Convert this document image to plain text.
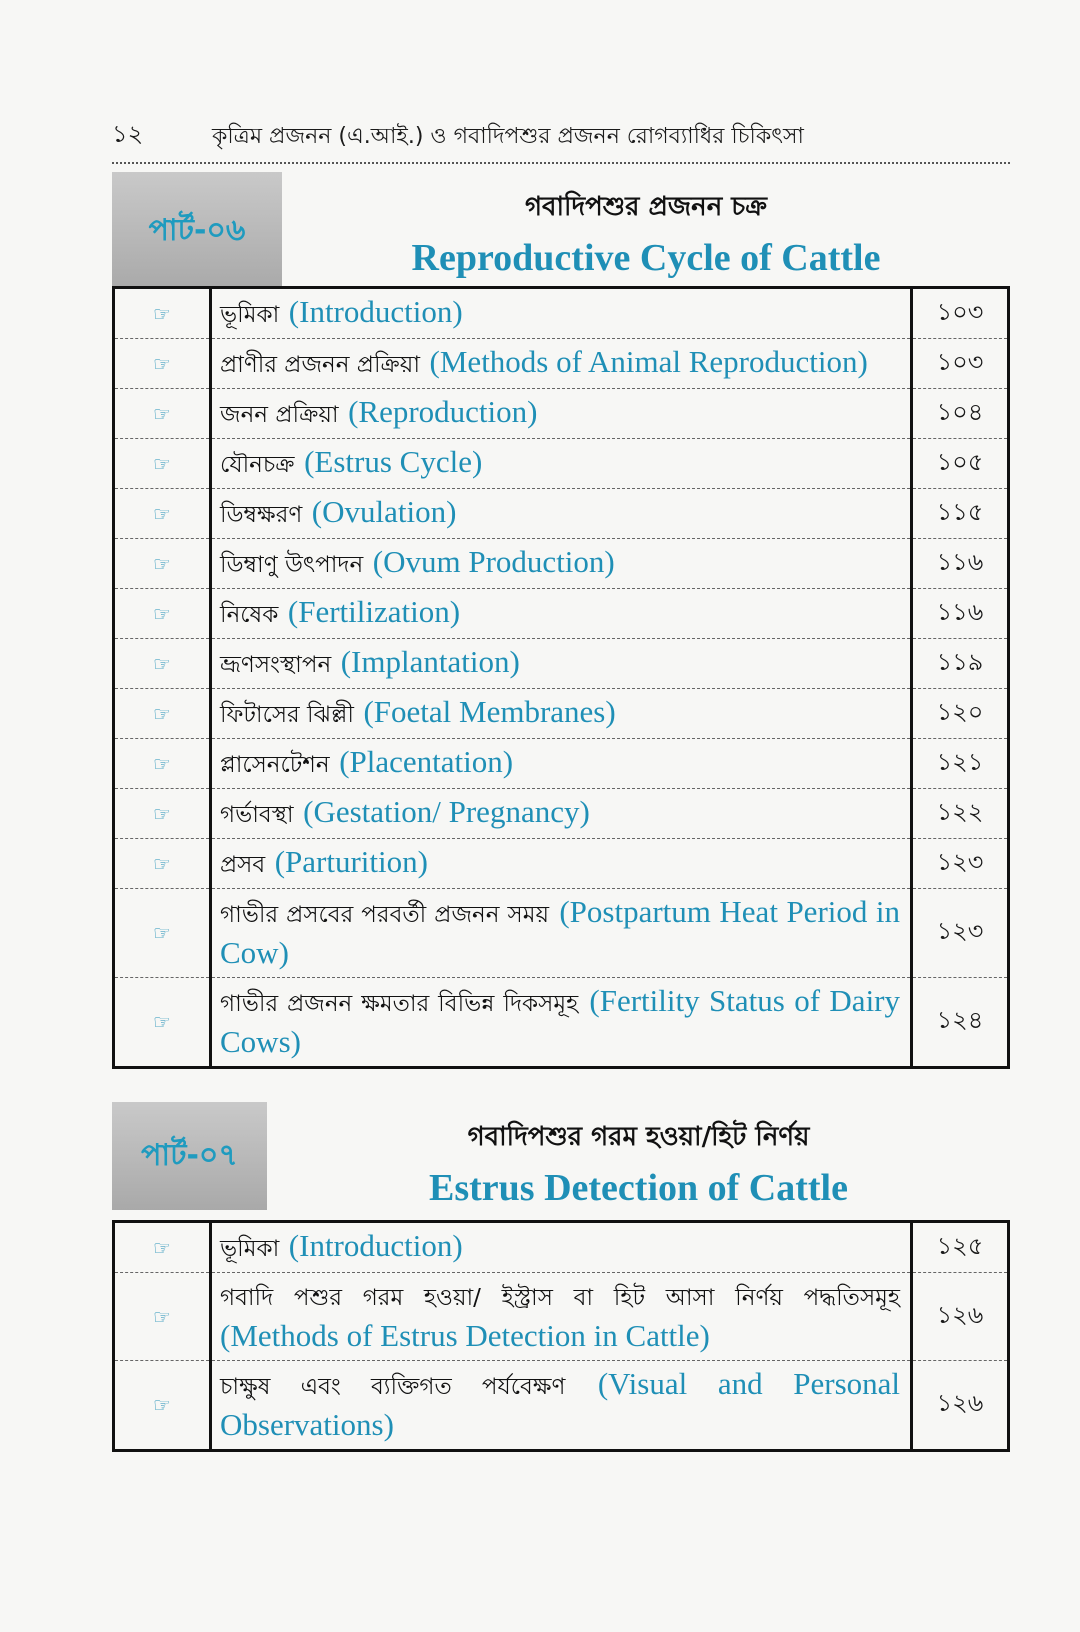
১২	কৃত্রিম প্রজনন (এ.আই.) ও গবাদিপশুর প্রজনন রোগব্যাধির চিকিৎসা
পার্ট-০৬
গবাদিপশুর প্রজনন চক্র
Reproductive Cycle of Cattle
☞	ভূমিকা (Introduction)	১০৩
☞	প্রাণীর প্রজনন প্রক্রিয়া (Methods of Animal Reproduction)	১০৩
☞	জনন প্রক্রিয়া (Reproduction)	১০৪
☞	যৌনচক্র (Estrus Cycle)	১০৫
☞	ডিম্বক্ষরণ (Ovulation)	১১৫
☞	ডিম্বাণু উৎপাদন (Ovum Production)	১১৬
☞	নিষেক (Fertilization)	১১৬
☞	ভ্রূণসংস্থাপন (Implantation)	১১৯
☞	ফিটাসের ঝিল্লী (Foetal Membranes)	১২০
☞	প্লাসেনটেশন (Placentation)	১২১
☞	গর্ভাবস্থা (Gestation/ Pregnancy)	১২২
☞	প্রসব (Parturition)	১২৩
☞	গাভীর প্রসবের পরবর্তী প্রজনন সময় (Postpartum Heat Period in Cow)	১২৩
☞	গাভীর প্রজনন ক্ষমতার বিভিন্ন দিকসমূহ (Fertility Status of Dairy Cows)	১২৪
পার্ট-০৭
গবাদিপশুর গরম হওয়া/হিট নির্ণয়
Estrus Detection of Cattle
☞	ভূমিকা (Introduction)	১২৫
☞	গবাদি পশুর গরম হওয়া/ ইস্ট্রাস বা হিট আসা নির্ণয় পদ্ধতিসমূহ (Methods of Estrus Detection in Cattle)	১২৬
☞	চাক্ষুষ এবং ব্যক্তিগত পর্যবেক্ষণ (Visual and Personal Observations)	১২৬
